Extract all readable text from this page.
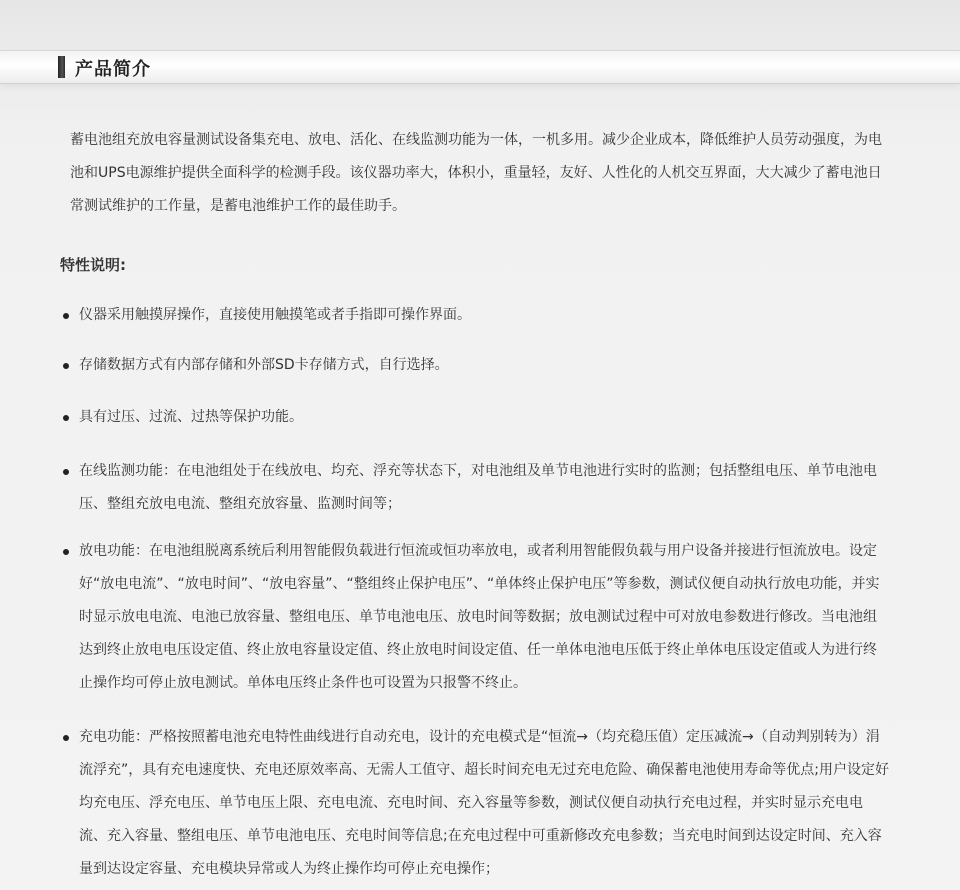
产品简介

蓄电池组充放电容量测试设备集充电、放电、活化、在线监测功能为一体，一机多用。减少企业成本，降低维护人员劳动强度，为电池和UPS电源维护提供全面科学的检测手段。该仪器功率大，体积小，重量轻，友好、人性化的人机交互界面，大大减少了蓄电池日常测试维护的工作量，是蓄电池维护工作的最佳助手。

特性说明:
仪器采用触摸屏操作，直接使用触摸笔或者手指即可操作界面。
存储数据方式有内部存储和外部SD卡存储方式，自行选择。
具有过压、过流、过热等保护功能。
在线监测功能：在电池组处于在线放电、均充、浮充等状态下，对电池组及单节电池进行实时的监测；包括整组电压、单节电池电压、整组充放电电流、整组充放容量、监测时间等；
放电功能：在电池组脱离系统后利用智能假负载进行恒流或恒功率放电，或者利用智能假负载与用户设备并接进行恒流放电。设定好“放电电流”、“放电时间”、“放电容量”、“整组终止保护电压”、“单体终止保护电压”等参数，测试仪便自动执行放电功能，并实时显示放电电流、电池已放容量、整组电压、单节电池电压、放电时间等数据；放电测试过程中可对放电参数进行修改。当电池组达到终止放电电压设定值、终止放电容量设定值、终止放电时间设定值、任一单体电池电压低于终止单体电压设定值或人为进行终止操作均可停止放电测试。单体电压终止条件也可设置为只报警不终止。
充电功能：严格按照蓄电池充电特性曲线进行自动充电，设计的充电模式是“恒流→（均充稳压值）定压减流→（自动判别转为）涓流浮充”，具有充电速度快、充电还原效率高、无需人工值守、超长时间充电无过充电危险、确保蓄电池使用寿命等优点;用户设定好均充电压、浮充电压、单节电压上限、充电电流、充电时间、充入容量等参数，测试仪便自动执行充电过程，并实时显示充电电流、充入容量、整组电压、单节电池电压、充电时间等信息;在充电过程中可重新修改充电参数；当充电时间到达设定时间、充入容量到达设定容量、充电模块异常或人为终止操作均可停止充电操作；
